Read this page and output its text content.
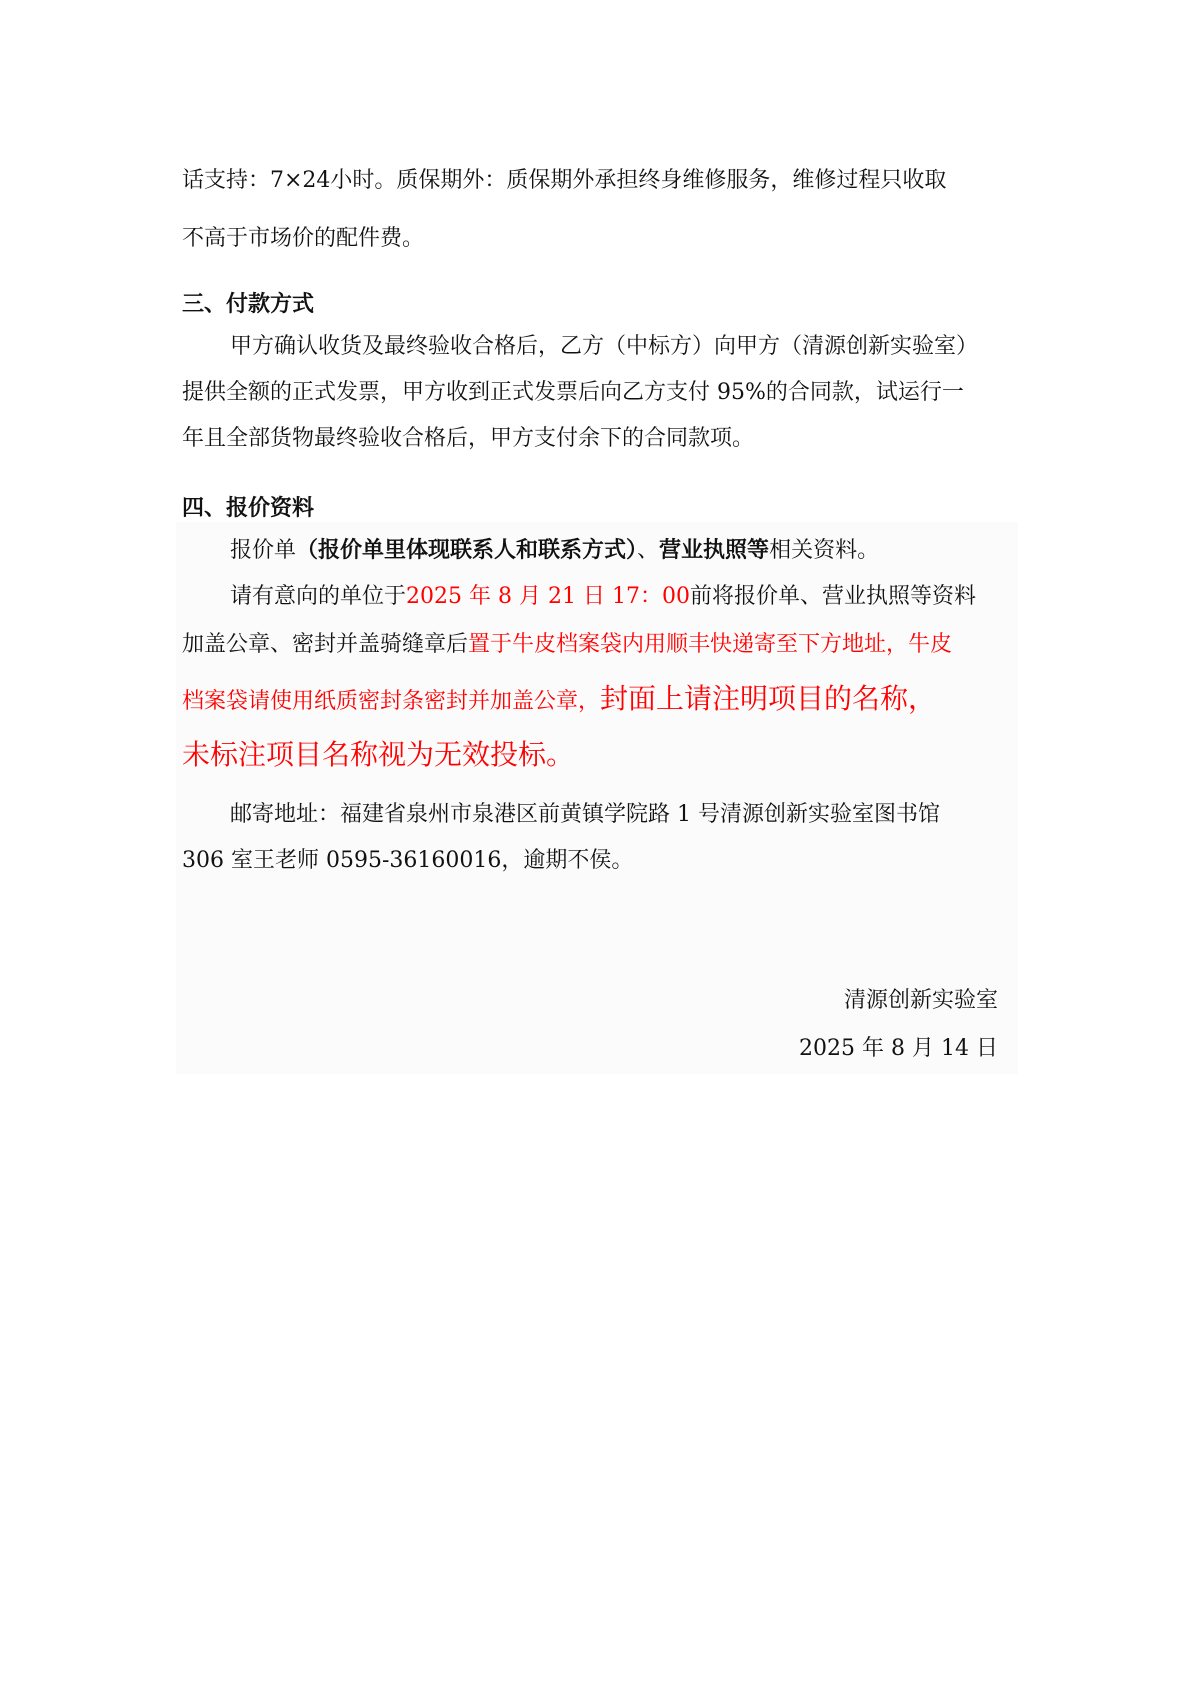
话支持：7×24小时。质保期外：质保期外承担终身维修服务，维修过程只收取
不高于市场价的配件费。
三、付款方式
甲方确认收货及最终验收合格后，乙方（中标方）向甲方（清源创新实验室）
提供全额的正式发票，甲方收到正式发票后向乙方支付 95%的合同款，试运行一
年且全部货物最终验收合格后，甲方支付余下的合同款项。
四、报价资料
报价单（报价单里体现联系人和联系方式）、营业执照等相关资料。
请有意向的单位于2025 年 8 月 21 日 17：00前将报价单、营业执照等资料
加盖公章、密封并盖骑缝章后置于牛皮档案袋内用顺丰快递寄至下方地址，牛皮
档案袋请使用纸质密封条密封并加盖公章，封面上请注明项目的名称，
未标注项目名称视为无效投标。
邮寄地址：福建省泉州市泉港区前黄镇学院路 1 号清源创新实验室图书馆
306 室王老师 0595-36160016，逾期不侯。
清源创新实验室
2025 年 8 月 14 日
